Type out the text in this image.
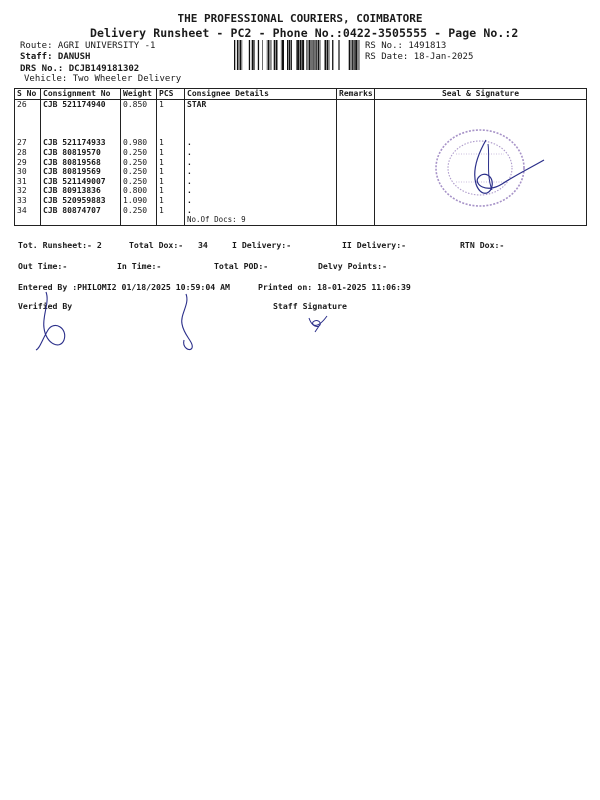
THE PROFESSIONAL COURIERS, COIMBATORE
Delivery Runsheet - PC2 - Phone No.:0422-3505555 - Page No.:2
Route: AGRI UNIVERSITY -1
Staff: DANUSH
DRS No.: DCJB149181302
Vehicle: Two Wheeler Delivery
RS No.: 1491813
RS Date: 18-Jan-2025
S No	Consignment No	Weight	PCS	Consignee Details	Remarks	Seal & Signature
26	CJB 521174940	0.850	1	STAR		

27	CJB 521174933	0.980	1	.		
28	CJB 80819570	0.250	1	.		
29	CJB 80819568	0.250	1	.		
30	CJB 80819569	0.250	1	.		
31	CJB 521149007	0.250	1	.		
32	CJB 80913836	0.800	1	.		
33	CJB 520959883	1.090	1	.		
34	CJB 80874707	0.250	1	.		
				No.Of Docs: 9		
Tot. Runsheet:- 2	Total Dox:- 34	I Delivery:-	II Delivery:-	RTN Dox:-
Out Time:-	In Time:-	Total POD:-	Delvy Points:-
Entered By :PHILOMI2 01/18/2025 10:59:04 AM	Printed on: 18-01-2025 11:06:39
Verified By	Staff Signature
